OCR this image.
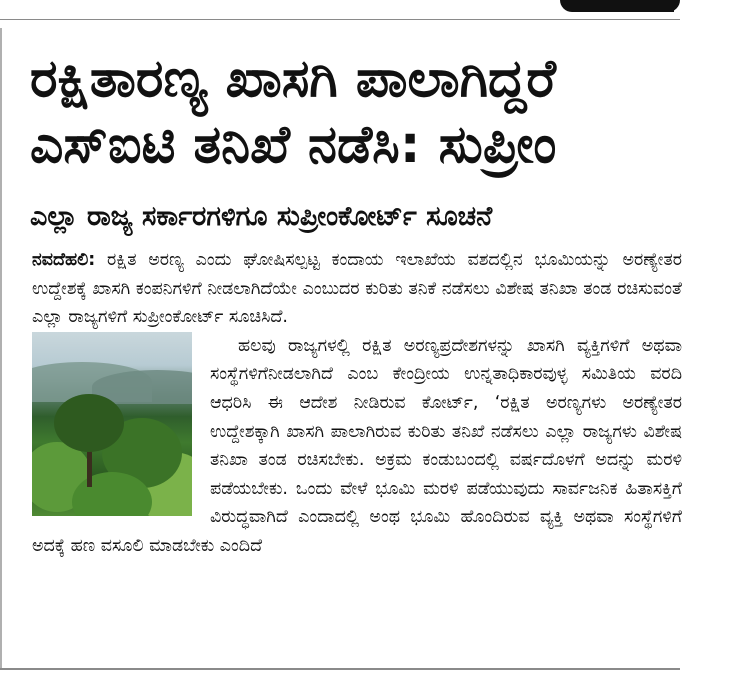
ರಕ್ಷಿತಾರಣ್ಯ ಖಾಸಗಿ ಪಾಲಾಗಿದ್ದರೆ
ಎಸ್‌ಐಟಿ ತನಿಖೆ ನಡೆಸಿ: ಸುಪ್ರೀಂ
ಎಲ್ಲಾ ರಾಜ್ಯ ಸರ್ಕಾರಗಳಿಗೂ ಸುಪ್ರೀಂಕೋರ್ಟ್ ಸೂಚನೆ

ನವದೆಹಲಿ: ರಕ್ಷಿತ ಅರಣ್ಯ ಎಂದು ಘೋಷಿಸಲ್ಪಟ್ಟ ಕಂದಾಯ ಇಲಾಖೆಯ ವಶದಲ್ಲಿನ ಭೂಮಿಯನ್ನು ಅರಣ್ಯೇತರ ಉದ್ದೇಶಕ್ಕೆ ಖಾಸಗಿ ಕಂಪನಿಗಳಿಗೆ ನೀಡಲಾಗಿದೆಯೇ ಎಂಬುದರ ಕುರಿತು ತನಿಕೆ ನಡೆಸಲು ವಿಶೇಷ ತನಿಖಾ ತಂಡ ರಚಿಸುವಂತೆ ಎಲ್ಲಾ ರಾಜ್ಯಗಳಿಗೆ ಸುಪ್ರೀಂಕೋರ್ಟ್ ಸೂಚಿಸಿದೆ.

ಹಲವು ರಾಜ್ಯಗಳಲ್ಲಿ ರಕ್ಷಿತ ಅರಣ್ಯಪ್ರದೇಶಗಳನ್ನು ಖಾಸಗಿ ವ್ಯಕ್ತಿಗಳಿಗೆ ಅಥವಾ ಸಂಸ್ಥೆಗಳಿಗೆನೀಡಲಾಗಿದೆ ಎಂಬ ಕೇಂದ್ರೀಯ ಉನ್ನತಾಧಿಕಾರವುಳ್ಳ ಸಮಿತಿಯ ವರದಿ ಆಧರಿಸಿ ಈ ಆದೇಶ ನೀಡಿರುವ ಕೋರ್ಟ್, ‘ರಕ್ಷಿತ ಅರಣ್ಯಗಳು ಅರಣ್ಯೇತರ ಉದ್ದೇಶಕ್ಕಾಗಿ ಖಾಸಗಿ ಪಾಲಾಗಿರುವ ಕುರಿತು ತನಿಖೆ ನಡೆಸಲು ಎಲ್ಲಾ ರಾಜ್ಯಗಳು ವಿಶೇಷ ತನಿಖಾ ತಂಡ ರಚಿಸಬೇಕು. ಅಕ್ರಮ ಕಂಡುಬಂದಲ್ಲಿ ವರ್ಷದೊಳಗೆ ಅದನ್ನು ಮರಳಿ ಪಡೆಯಬೇಕು. ಒಂದು ವೇಳೆ ಭೂಮಿ ಮರಳಿ ಪಡೆಯುವುದು ಸಾರ್ವಜನಿಕ ಹಿತಾಸಕ್ತಿಗೆ ವಿರುದ್ಧವಾಗಿದೆ ಎಂದಾದಲ್ಲಿ ಅಂಥ ಭೂಮಿ ಹೊಂದಿರುವ ವ್ಯಕ್ತಿ ಅಥವಾ ಸಂಸ್ಥೆಗಳಿಗೆ ಅದಕ್ಕೆ ಹಣ ವಸೂಲಿ ಮಾಡಬೇಕು ಎಂದಿದೆ
